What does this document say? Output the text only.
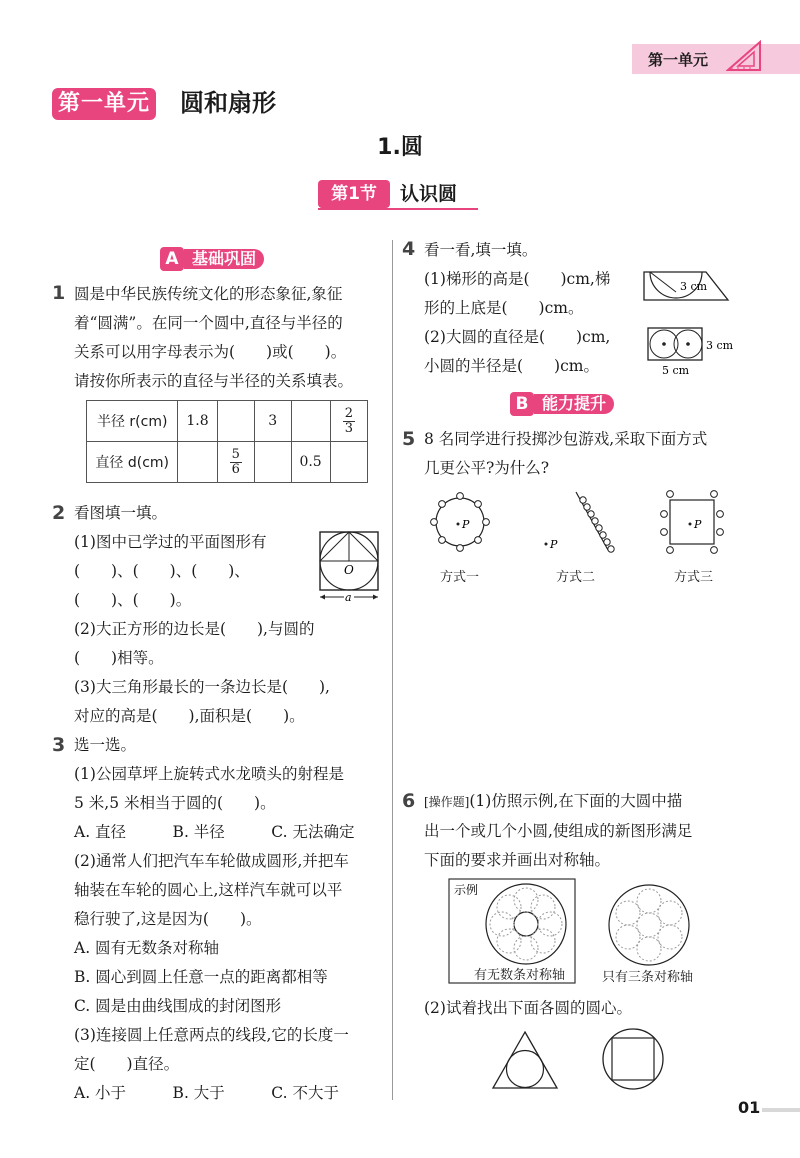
第一单元
第一单元 圆和扇形
1.圆
第1节	认识圆
A 基础巩固
1 圆是中华民族传统文化的形态象征,象征
着“圆满”。在同一个圆中,直径与半径的
关系可以用字母表示为(　　)或(　　)。
请按你所表示的直径与半径的关系填表。
半径 r(cm)	1.8		3		$\frac{2}{3}$

直径 d(cm)		$\frac{5}{6}$		0.5	
2 看图填一填。
(1)图中已学过的平面图形有
(　　)、(　　)、(　　)、
(　　)、(　　)。
(2)大正方形的边长是(　　),与圆的
(　　)相等。
(3)大三角形最长的一条边长是(　　),
对应的高是(　　),面积是(　　)。
O
a
3 选一选。
(1)公园草坪上旋转式水龙喷头的射程是
5 米,5 米相当于圆的(　　)。
A. 直径　　　B. 半径　　　C. 无法确定
(2)通常人们把汽车车轮做成圆形,并把车
轴装在车轮的圆心上,这样汽车就可以平
稳行驶了,这是因为(　　)。
A. 圆有无数条对称轴
B. 圆心到圆上任意一点的距离都相等
C. 圆是由曲线围成的封闭图形
(3)连接圆上任意两点的线段,它的长度一
定(　　)直径。
A. 小于　　　B. 大于　　　C. 不大于
4 看一看,填一填。
(1)梯形的高是(　　)cm,梯
形的上底是(　　)cm。
(2)大圆的直径是(　　)cm,
小圆的半径是(　　)cm。
3 cm
3 cm
5 cm
B 能力提升
5 8 名同学进行投掷沙包游戏,采取下面方式
几更公平?为什么?
P
P
P
方式一	方式二	方式三
6 [操作题](1)仿照示例,在下面的大圆中描
出一个或几个小圆,使组成的新图形满足
下面的要求并画出对称轴。
示例
有无数条对称轴	只有三条对称轴
(2)试着找出下面各圆的圆心。
01
